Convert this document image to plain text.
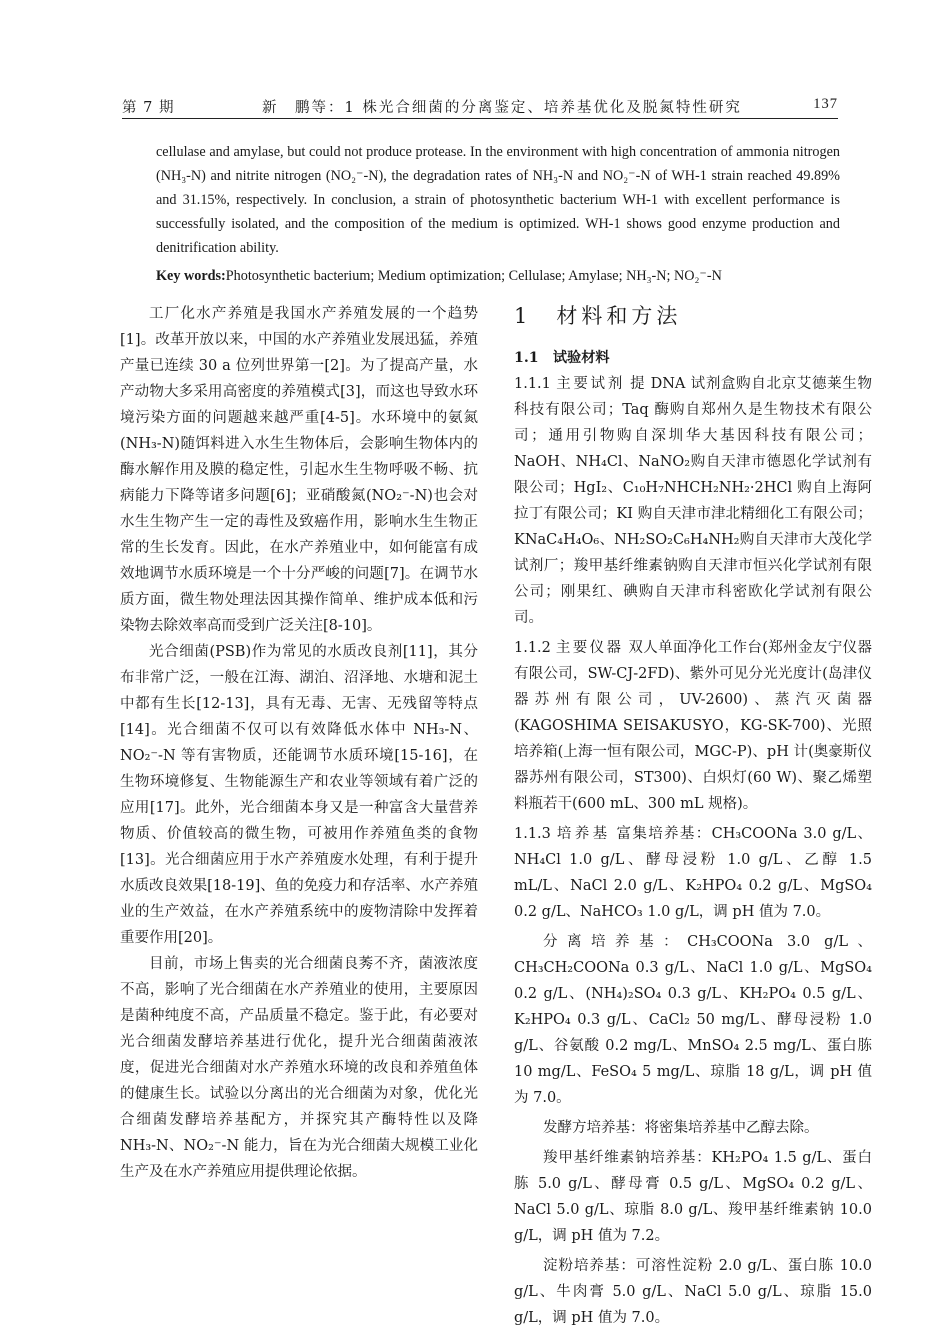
第 7 期	新　鹏等：1 株光合细菌的分离鉴定、培养基优化及脱氮特性研究	137

cellulase and amylase, but could not produce protease. In the environment with high concentration of ammonia nitrogen (NH₃-N) and nitrite nitrogen (NO₂⁻-N), the degradation rates of NH₃-N and NO₂⁻-N of WH-1 strain reached 49.89% and 31.15%, respectively. In conclusion, a strain of photosynthetic bacterium WH-1 with excellent performance is successfully isolated, and the composition of the medium is optimized. WH-1 shows good enzyme production and denitrification ability.

Key words:Photosynthetic bacterium; Medium optimization; Cellulase; Amylase; NH₃-N; NO₂⁻-N

工厂化水产养殖是我国水产养殖发展的一个趋势[1]。改革开放以来，中国的水产养殖业发展迅猛，养殖产量已连续 30 a 位列世界第一[2]。为了提高产量，水产动物大多采用高密度的养殖模式[3]，而这也导致水环境污染方面的问题越来越严重[4-5]。水环境中的氨氮(NH₃-N)随饵料进入水生生物体后，会影响生物体内的酶水解作用及膜的稳定性，引起水生生物呼吸不畅、抗病能力下降等诸多问题[6]；亚硝酸氮(NO₂⁻-N)也会对水生生物产生一定的毒性及致癌作用，影响水生生物正常的生长发育。因此，在水产养殖业中，如何能富有成效地调节水质环境是一个十分严峻的问题[7]。在调节水质方面，微生物处理法因其操作简单、维护成本低和污染物去除效率高而受到广泛关注[8-10]。

光合细菌(PSB)作为常见的水质改良剂[11]，其分布非常广泛，一般在江海、湖泊、沼泽地、水塘和泥土中都有生长[12-13]，具有无毒、无害、无残留等特点[14]。光合细菌不仅可以有效降低水体中 NH₃-N、NO₂⁻-N 等有害物质，还能调节水质环境[15-16]，在生物环境修复、生物能源生产和农业等领域有着广泛的应用[17]。此外，光合细菌本身又是一种富含大量营养物质、价值较高的微生物，可被用作养殖鱼类的食物[13]。光合细菌应用于水产养殖废水处理，有利于提升水质改良效果[18-19]、鱼的免疫力和存活率、水产养殖业的生产效益，在水产养殖系统中的废物清除中发挥着重要作用[20]。

目前，市场上售卖的光合细菌良莠不齐，菌液浓度不高，影响了光合细菌在水产养殖业的使用，主要原因是菌种纯度不高，产品质量不稳定。鉴于此，有必要对光合细菌发酵培养基进行优化，提升光合细菌菌液浓度，促进光合细菌对水产养殖水环境的改良和养殖鱼体的健康生长。试验以分离出的光合细菌为对象，优化光合细菌发酵培养基配方，并探究其产酶特性以及降 NH₃-N、NO₂⁻-N 能力，旨在为光合细菌大规模工业化生产及在水产养殖应用提供理论依据。

1　材料和方法

1.1　试验材料

1.1.1 主要试剂 提 DNA 试剂盒购自北京艾德莱生物科技有限公司；Taq 酶购自郑州久是生物技术有限公司；通用引物购自深圳华大基因科技有限公司；NaOH、NH₄Cl、NaNO₂购自天津市德恩化学试剂有限公司；HgI₂、C₁₀H₇NHCH₂NH₂·2HCl 购自上海阿拉丁有限公司；KI 购自天津市津北精细化工有限公司；KNaC₄H₄O₆、NH₂SO₂C₆H₄NH₂购自天津市大茂化学试剂厂；羧甲基纤维素钠购自天津市恒兴化学试剂有限公司；刚果红、碘购自天津市科密欧化学试剂有限公司。

1.1.2 主要仪器 双人单面净化工作台(郑州金友宁仪器有限公司，SW-CJ-2FD)、紫外可见分光光度计(岛津仪器苏州有限公司，UV-2600)、蒸汽灭菌器(KAGOSHIMA SEISAKUSYO，KG-SK-700)、光照培养箱(上海一恒有限公司，MGC-P)、pH 计(奥豪斯仪器苏州有限公司，ST300)、白炽灯(60 W)、聚乙烯塑料瓶若干(600 mL、300 mL 规格)。

1.1.3 培养基 富集培养基：CH₃COONa 3.0 g/L、NH₄Cl 1.0 g/L、酵母浸粉 1.0 g/L、乙醇 1.5 mL/L、NaCl 2.0 g/L、K₂HPO₄ 0.2 g/L、MgSO₄ 0.2 g/L、NaHCO₃ 1.0 g/L，调 pH 值为 7.0。

分离培养基：CH₃COONa 3.0 g/L、CH₃CH₂COONa 0.3 g/L、NaCl 1.0 g/L、MgSO₄ 0.2 g/L、(NH₄)₂SO₄ 0.3 g/L、KH₂PO₄ 0.5 g/L、K₂HPO₄ 0.3 g/L、CaCl₂ 50 mg/L、酵母浸粉 1.0 g/L、谷氨酸 0.2 mg/L、MnSO₄ 2.5 mg/L、蛋白胨 10 mg/L、FeSO₄ 5 mg/L、琼脂 18 g/L，调 pH 值为 7.0。

发酵方培养基：将密集培养基中乙醇去除。

羧甲基纤维素钠培养基：KH₂PO₄ 1.5 g/L、蛋白胨 5.0 g/L、酵母膏 0.5 g/L、MgSO₄ 0.2 g/L、NaCl 5.0 g/L、琼脂 8.0 g/L、羧甲基纤维素钠 10.0 g/L，调 pH 值为 7.2。

淀粉培养基：可溶性淀粉 2.0 g/L、蛋白胨 10.0 g/L、牛肉膏 5.0 g/L、NaCl 5.0 g/L、琼脂 15.0 g/L，调 pH 值为 7.0。
